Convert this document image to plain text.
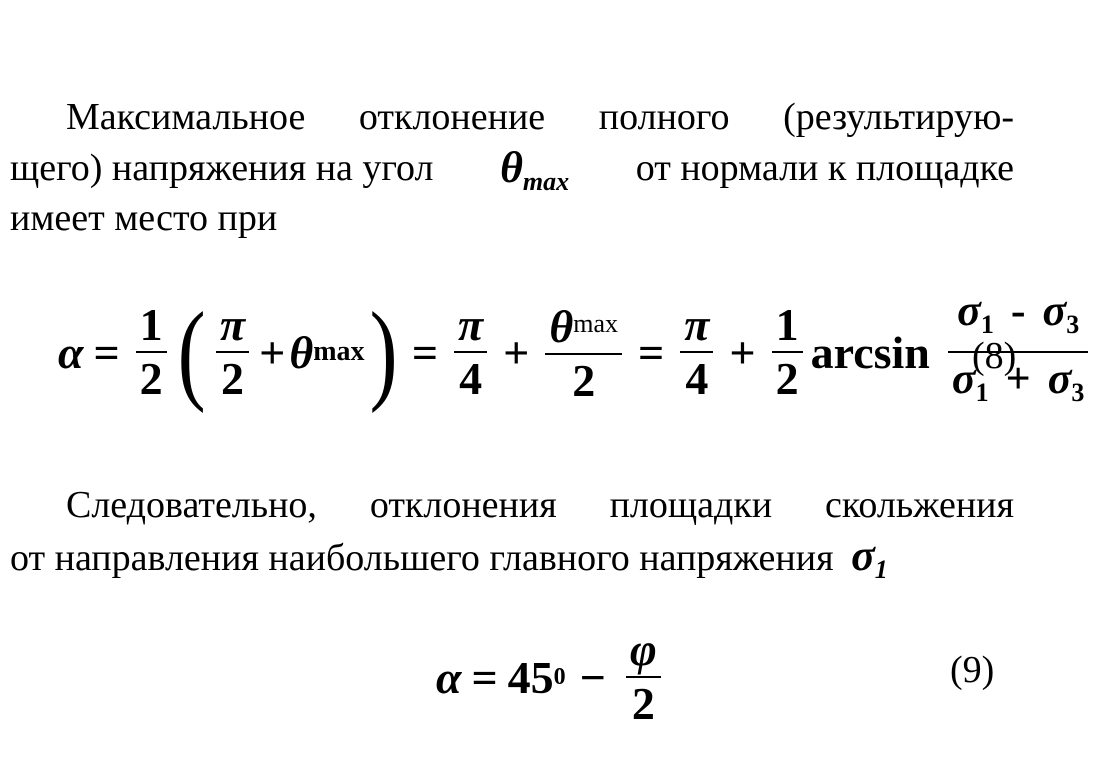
Максимальное отклонение полного (результирую-
щего) напряжения на угол $\theta_{max}$ от нормали к площадке
имеет место при
$\alpha = \frac{1}{2}$ ( $\frac{\pi}{2} + \theta$ max ) = $\frac{\pi}{4} + \frac{\theta^{max}}{2} = \frac{\pi}{4} + \frac{1}{2}$ $\arcsin \frac{\sigma 1 - \sigma 3}{\sigma 1 + \sigma 3}$
(8)
Следовательно, отклонения площадки скольжения
от направления наибольшего главного напряжения $\sigma_1$
α = 45 $0 - \frac{\varphi}{2}$	(9)
